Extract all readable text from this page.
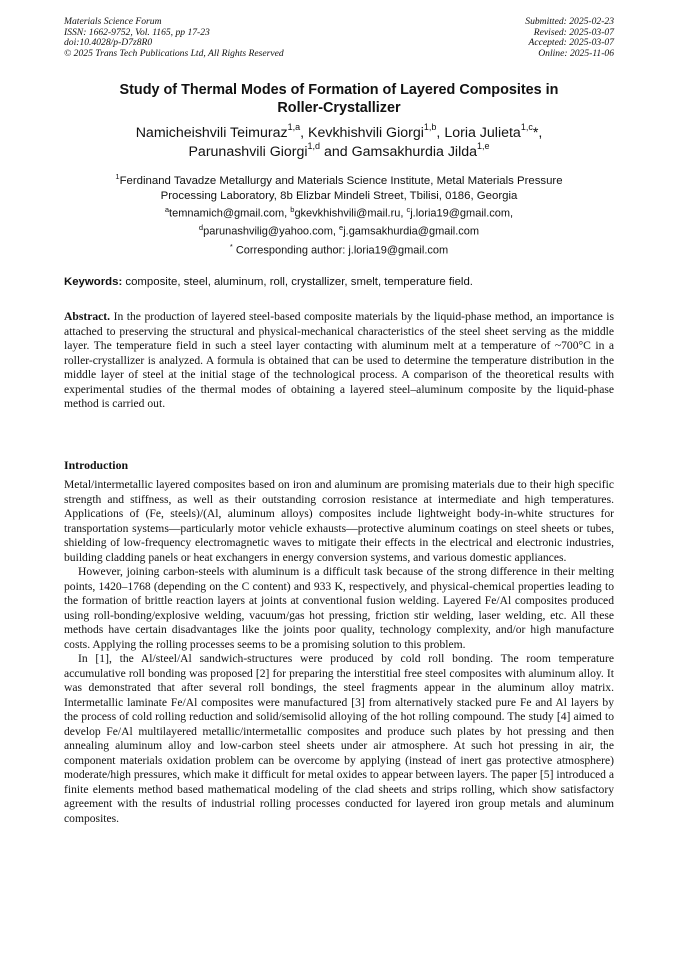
Materials Science Forum
ISSN: 1662-9752, Vol. 1165, pp 17-23
doi:10.4028/p-D7z8R0
© 2025 Trans Tech Publications Ltd, All Rights Reserved
Submitted: 2025-02-23
Revised: 2025-03-07
Accepted: 2025-03-07
Online: 2025-11-06
Study of Thermal Modes of Formation of Layered Composites in
Roller-Crystallizer
Namicheishvili Teimuraz$^{1,a}$, Kevkhishvili Giorgi$^{1,b}$, Loria Julieta$^{1,c}$*,
Parunashvili Giorgi$^{1,d}$ and Gamsakhurdia Jilda$^{1,e}$
$^1$Ferdinand Tavadze Metallurgy and Materials Science Institute, Metal Materials Pressure
Processing Laboratory, 8b Elizbar Mindeli Street, Tbilisi, 0186, Georgia
$^a$temnamich@gmail.com, $^b$gkevkhishvili@mail.ru, $^c$j.loria19@gmail.com,
$^d$parunashvilig@yahoo.com, $^e$j.gamsakhurdia@gmail.com
* Corresponding author: j.loria19@gmail.com
Keywords: composite, steel, aluminum, roll, crystallizer, smelt, temperature field.
Abstract. In the production of layered steel-based composite materials by the liquid-phase method, an importance is attached to preserving the structural and physical-mechanical characteristics of the steel sheet serving as the middle layer. The temperature field in such a steel layer contacting with aluminum melt at a temperature of ~700°C in a roller-crystallizer is analyzed. A formula is obtained that can be used to determine the temperature distribution in the middle layer of steel at the initial stage of the technological process. A comparison of the theoretical results with experimental studies of the thermal modes of obtaining a layered steel–aluminum composite by the liquid-phase method is carried out.
Introduction

Metal/intermetallic layered composites based on iron and aluminum are promising materials due to their high specific strength and stiffness, as well as their outstanding corrosion resistance at intermediate and high temperatures. Applications of (Fe, steels)/(Al, aluminum alloys) composites include lightweight body-in-white structures for transportation systems—particularly motor vehicle exhausts—protective aluminum coatings on steel sheets or tubes, shielding of low-frequency electromagnetic waves to mitigate their effects in the electrical and electronic industries, building cladding panels or heat exchangers in energy conversion systems, and various domestic appliances.

However, joining carbon-steels with aluminum is a difficult task because of the strong difference in their melting points, 1420–1768 (depending on the C content) and 933 K, respectively, and physical-chemical properties leading to the formation of brittle reaction layers at joints at conventional fusion welding. Layered Fe/Al composites produced using roll-bonding/explosive welding, vacuum/gas hot pressing, friction stir welding, laser welding, etc. All these methods have certain disadvantages like the joints poor quality, technology complexity, and/or high manufacture costs. Applying the rolling processes seems to be a promising solution to this problem.

In [1], the Al/steel/Al sandwich-structures were produced by cold roll bonding. The room temperature accumulative roll bonding was proposed [2] for preparing the interstitial free steel composites with aluminum alloy. It was demonstrated that after several roll bondings, the steel fragments appear in the aluminum alloy matrix. Intermetallic laminate Fe/Al composites were manufactured [3] from alternatively stacked pure Fe and Al layers by the process of cold rolling reduction and solid/semisolid alloying of the hot rolling compound. The study [4] aimed to develop Fe/Al multilayered metallic/intermetallic composites and produce such plates by hot pressing and then annealing aluminum alloy and low-carbon steel sheets under air atmosphere. At such hot pressing in air, the component materials oxidation problem can be overcome by applying (instead of inert gas protective atmosphere) moderate/high pressures, which make it difficult for metal oxides to appear between layers. The paper [5] introduced a finite elements method based mathematical modeling of the clad sheets and strips rolling, which show satisfactory agreement with the results of industrial rolling processes conducted for layered iron group metals and aluminum composites.
